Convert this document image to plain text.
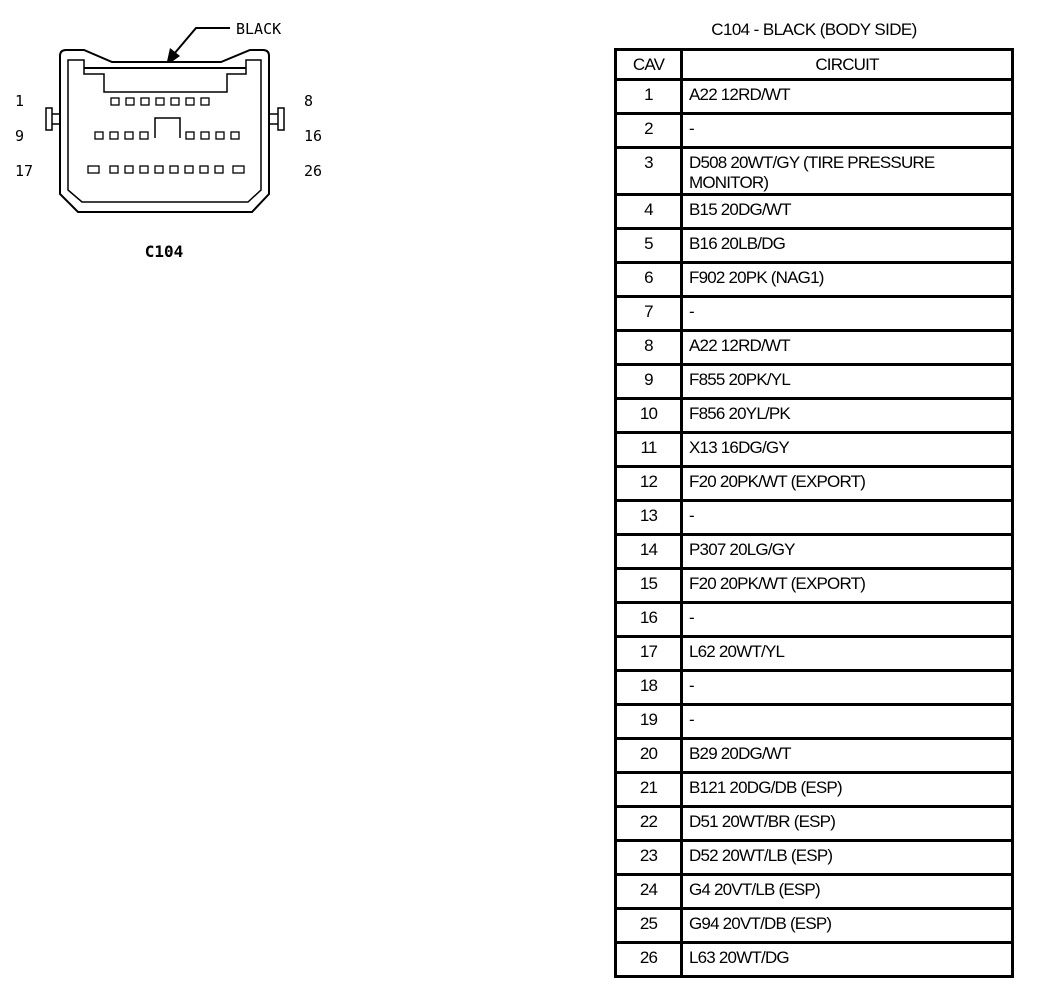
BLACK
1	8
9	16
17	26
C104
C104 - BLACK (BODY SIDE)
CAV	CIRCUIT
1	A22 12RD/WT
2	-
3	D508 20WT/GY (TIRE PRESSURE MONITOR)
4	B15 20DG/WT
5	B16 20LB/DG
6	F902 20PK (NAG1)
7	-
8	A22 12RD/WT
9	F855 20PK/YL
10	F856 20YL/PK
11	X13 16DG/GY
12	F20 20PK/WT (EXPORT)
13	-
14	P307 20LG/GY
15	F20 20PK/WT (EXPORT)
16	-
17	L62 20WT/YL
18	-
19	-
20	B29 20DG/WT
21	B121 20DG/DB (ESP)
22	D51 20WT/BR (ESP)
23	D52 20WT/LB (ESP)
24	G4 20VT/LB (ESP)
25	G94 20VT/DB (ESP)
26	L63 20WT/DG
